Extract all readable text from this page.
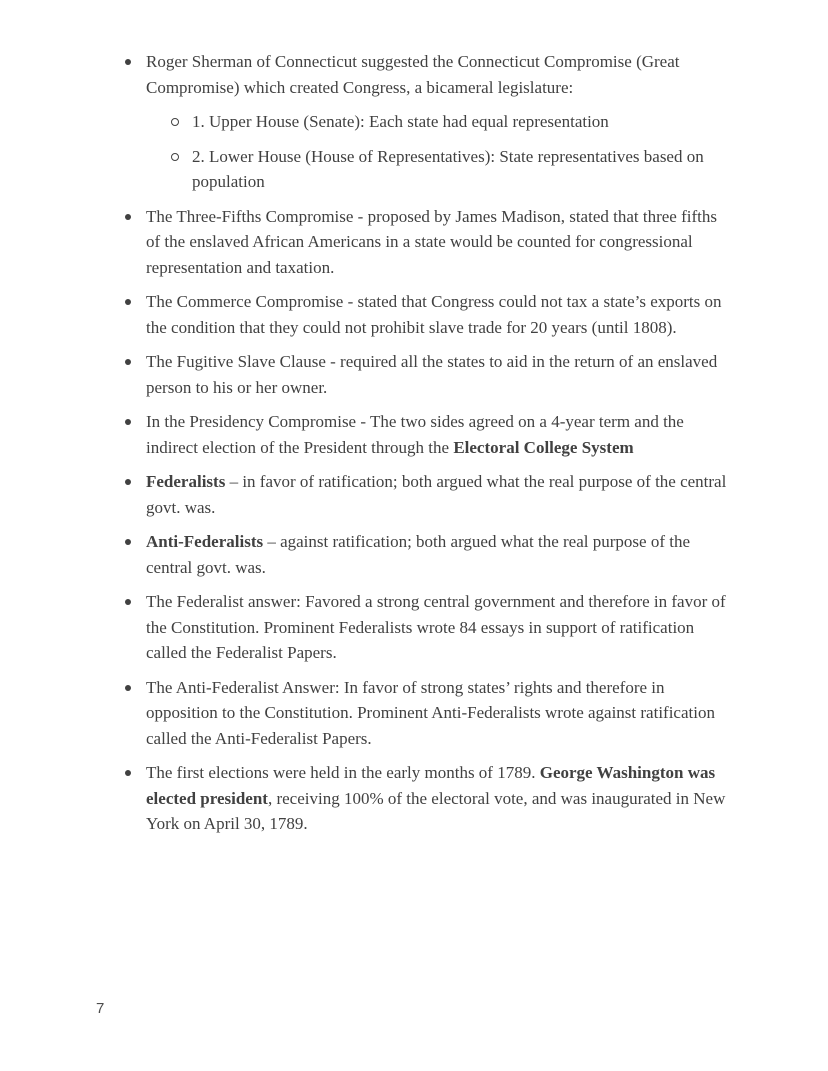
Roger Sherman of Connecticut suggested the Connecticut Compromise (Great Compromise) which created Congress, a bicameral legislature:
1. Upper House (Senate): Each state had equal representation
2. Lower House (House of Representatives): State representatives based on population
The Three-Fifths Compromise - proposed by James Madison, stated that three fifths of the enslaved African Americans in a state would be counted for congressional representation and taxation.
The Commerce Compromise - stated that Congress could not tax a state’s exports on the condition that they could not prohibit slave trade for 20 years (until 1808).
The Fugitive Slave Clause - required all the states to aid in the return of an enslaved person to his or her owner.
In the Presidency Compromise - The two sides agreed on a 4-year term and the indirect election of the President through the Electoral College System
Federalists – in favor of ratification; both argued what the real purpose of the central govt. was.
Anti-Federalists – against ratification; both argued what the real purpose of the central govt. was.
The Federalist answer: Favored a strong central government and therefore in favor of the Constitution. Prominent Federalists wrote 84 essays in support of ratification called the Federalist Papers.
The Anti-Federalist Answer: In favor of strong states’ rights and therefore in opposition to the Constitution. Prominent Anti-Federalists wrote against ratification called the Anti-Federalist Papers.
The first elections were held in the early months of 1789. George Washington was elected president, receiving 100% of the electoral vote, and was inaugurated in New York on April 30, 1789.
7
